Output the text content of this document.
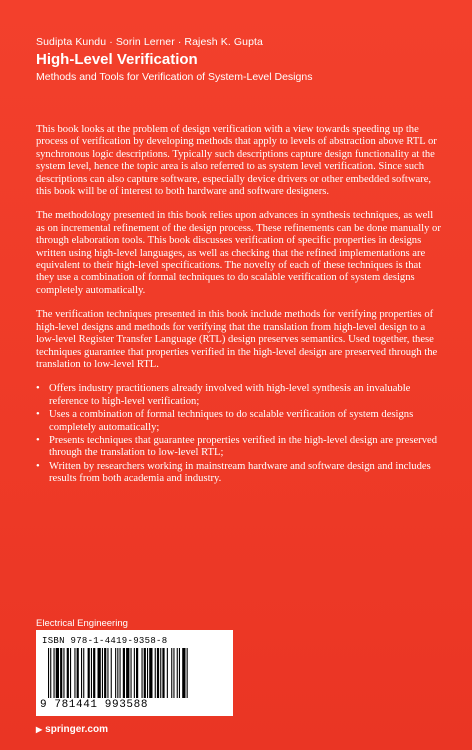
Sudipta Kundu · Sorin Lerner · Rajesh K. Gupta
High-Level Verification
Methods and Tools for Verification of System-Level Designs

This book looks at the problem of design verification with a view towards speeding up the process of verification by developing methods that apply to levels of abstraction above RTL or synchronous logic descriptions. Typically such descriptions capture design functionality at the system level, hence the topic area is also referred to as system level verification. Since such descriptions can also capture software, especially device drivers or other embedded software, this book will be of interest to both hardware and software designers.

The methodology presented in this book relies upon advances in synthesis techniques, as well as on incremental refinement of the design process. These refinements can be done manually or through elaboration tools. This book discusses verification of specific properties in designs written using high-level languages, as well as checking that the refined implementations are equivalent to their high-level specifications. The novelty of each of these techniques is that they use a combination of formal techniques to do scalable verification of system designs completely automatically.

The verification techniques presented in this book include methods for verifying properties of high-level designs and methods for verifying that the translation from high-level design to a low-level Register Transfer Language (RTL) design preserves semantics. Used together, these techniques guarantee that properties verified in the high-level design are preserved through the translation to low-level RTL.

• Offers industry practitioners already involved with high-level synthesis an invaluable reference to high-level verification;
• Uses a combination of formal techniques to do scalable verification of system designs completely automatically;
• Presents techniques that guarantee properties verified in the high-level design are preserved through the translation to low-level RTL;
• Written by researchers working in mainstream hardware and software design and includes results from both academia and industry.
Electrical Engineering
ISBN 978-1-4419-9358-8
9 781441 993588
▶ springer.com
